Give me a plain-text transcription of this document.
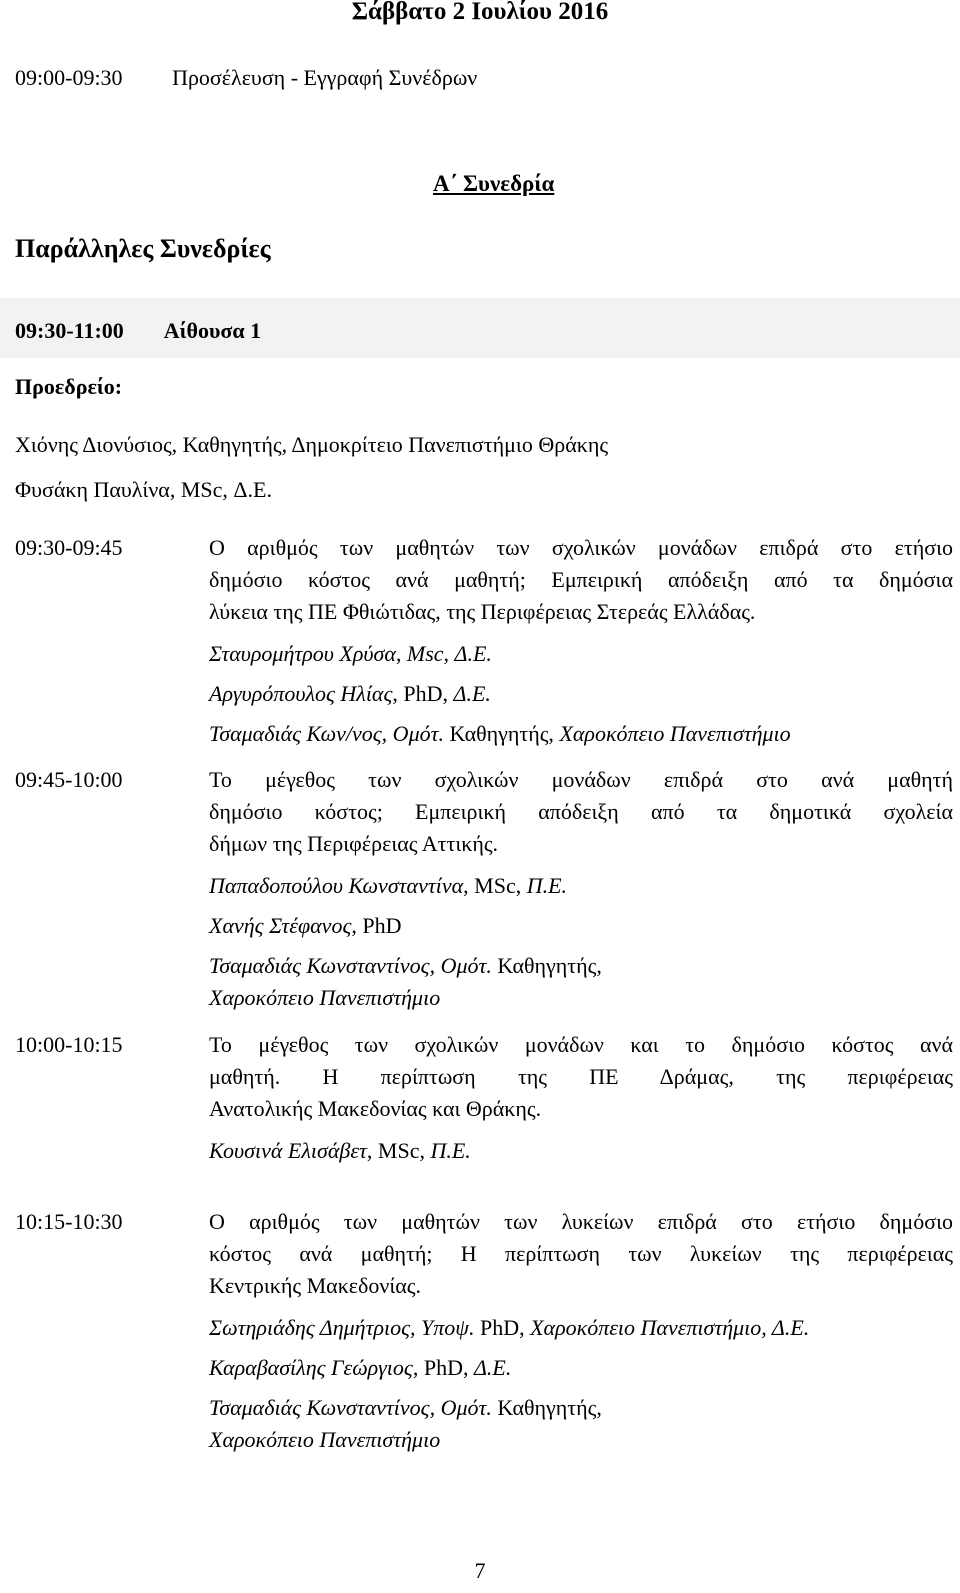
Σάββατο 2 Ιουλίου 2016
09:00-09:30 Προσέλευση - Εγγραφή Συνέδρων
Α΄ Συνεδρία
Παράλληλες Συνεδρίες
09:30-11:00 Αίθουσα 1
Προεδρείο:
Χιόνης Διονύσιος, Καθηγητής, Δημοκρίτειο Πανεπιστήμιο Θράκης
Φυσάκη Παυλίνα, MSc, Δ.Ε.
09:30-09:45	Ο αριθμός των μαθητών των σχολικών μονάδων επιδρά στο ετήσιο
δημόσιο κόστος ανά μαθητή; Εμπειρική απόδειξη από τα δημόσια
λύκεια της ΠΕ Φθιώτιδας, της Περιφέρειας Στερεάς Ελλάδας.
Σταυρομήτρου Χρύσα, Msc, Δ.Ε.
Αργυρόπουλος Ηλίας, PhD, Δ.Ε.
Τσαμαδιάς Κων/νος, Ομότ. Καθηγητής, Χαροκόπειο Πανεπιστήμιο
09:45-10:00	Το μέγεθος των σχολικών μονάδων επιδρά στο ανά μαθητή
δημόσιο κόστος; Εμπειρική απόδειξη από τα δημοτικά σχολεία
δήμων της Περιφέρειας Αττικής.
Παπαδοπούλου Κωνσταντίνα, MSc, Π.Ε.
Χανής Στέφανος, PhD
Τσαμαδιάς Κωνσταντίνος, Ομότ. Καθηγητής, Χαροκόπειο Πανεπιστήμιο
10:00-10:15	Το μέγεθος των σχολικών μονάδων και το δημόσιο κόστος ανά
μαθητή. Η περίπτωση της ΠΕ Δράμας, της περιφέρειας
Ανατολικής Μακεδονίας και Θράκης.
Κουσινά Ελισάβετ, MSc, Π.Ε.
10:15-10:30	Ο αριθμός των μαθητών των λυκείων επιδρά στο ετήσιο δημόσιο
κόστος ανά μαθητή; Η περίπτωση των λυκείων της περιφέρειας
Κεντρικής Μακεδονίας.
Σωτηριάδης Δημήτριος, Υποψ. PhD, Χαροκόπειο Πανεπιστήμιο, Δ.Ε.
Καραβασίλης Γεώργιος, PhD, Δ.Ε.
Τσαμαδιάς Κωνσταντίνος, Ομότ. Καθηγητής, Χαροκόπειο Πανεπιστήμιο
7
